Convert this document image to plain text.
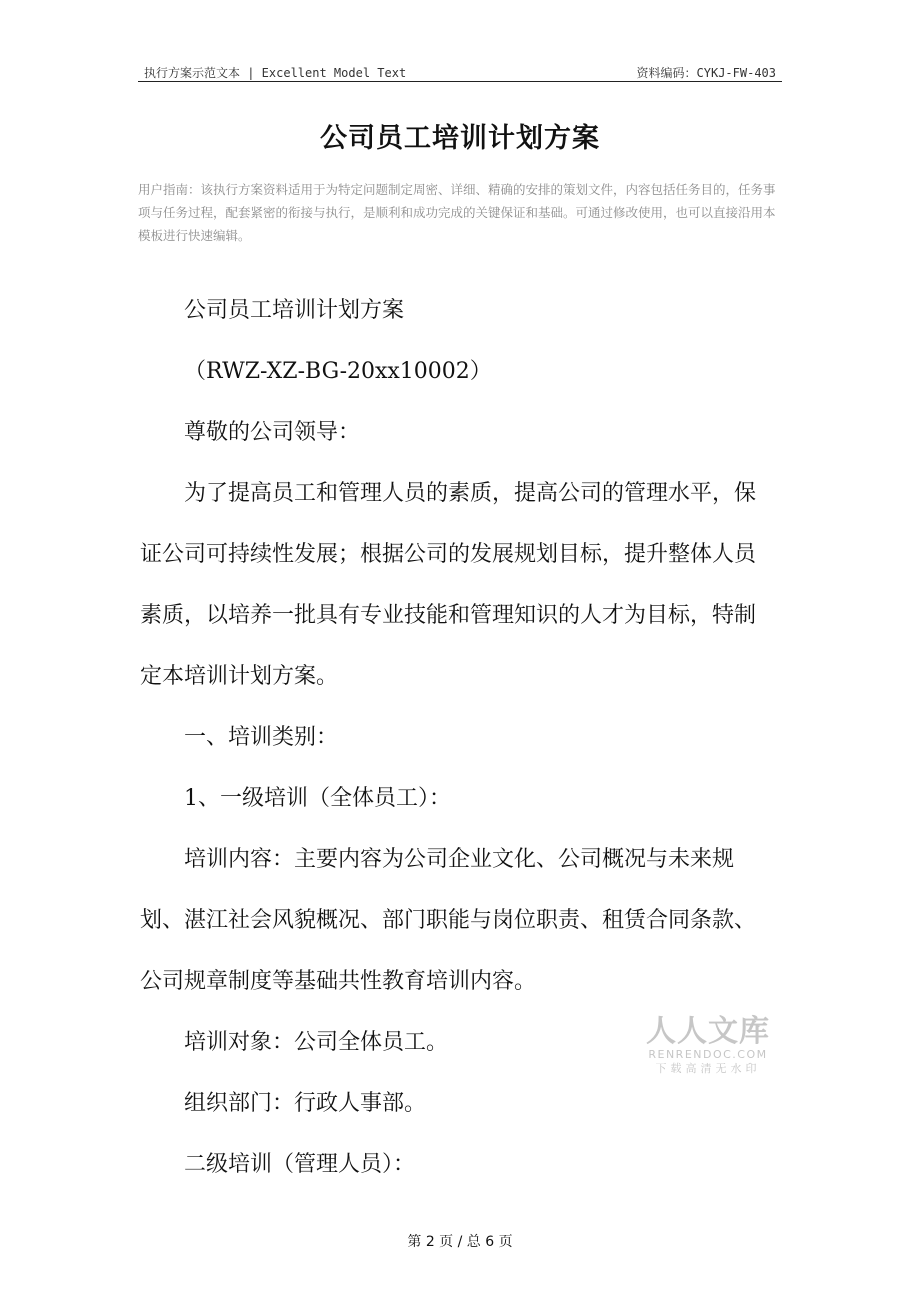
执行方案示范文本 | Excellent Model Text	资料编码：CYKJ-FW-403
公司员工培训计划方案
用户指南：该执行方案资料适用于为特定问题制定周密、详细、精确的安排的策划文件，内容包括任务目的，任务事项与任务过程，配套紧密的衔接与执行，是顺利和成功完成的关键保证和基础。可通过修改使用，也可以直接沿用本模板进行快速编辑。

公司员工培训计划方案

（RWZ-XZ-BG-20xx10002）

尊敬的公司领导：

为了提高员工和管理人员的素质，提高公司的管理水平，保证公司可持续性发展；根据公司的发展规划目标，提升整体人员素质，以培养一批具有专业技能和管理知识的人才为目标，特制定本培训计划方案。

一、培训类别：

1、一级培训（全体员工）：

培训内容：主要内容为公司企业文化、公司概况与未来规划、湛江社会风貌概况、部门职能与岗位职责、租赁合同条款、公司规章制度等基础共性教育培训内容。

培训对象：公司全体员工。

组织部门：行政人事部。

二级培训（管理人员）：

人人文库
RENRENDOC.COM
下载高清无水印
第 2 页 / 总 6 页
